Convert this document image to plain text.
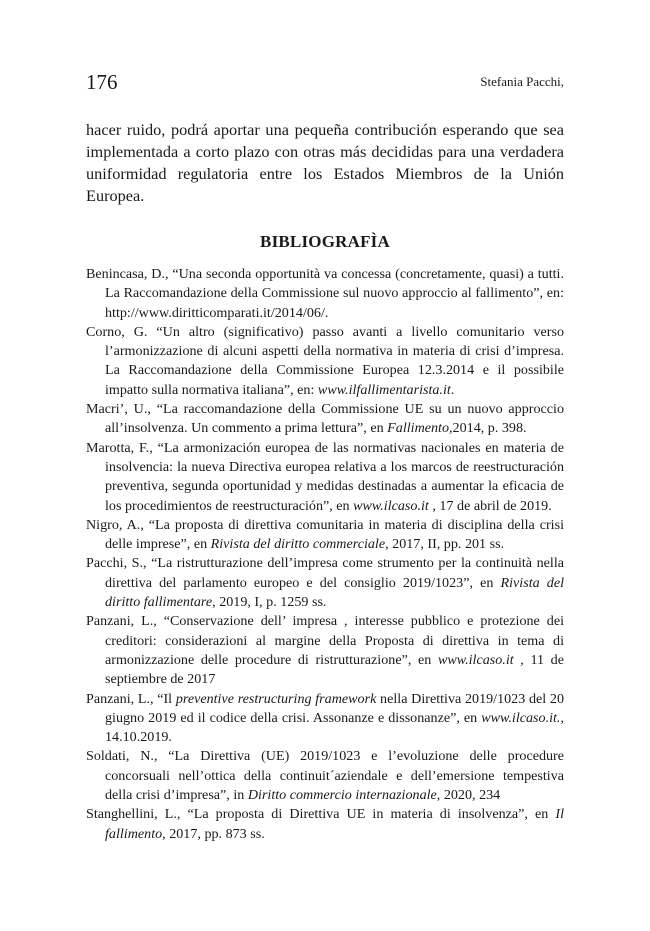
176	Stefania Pacchi,

hacer ruido, podrá aportar una pequeña contribución esperando que sea implementada a corto plazo con otras más decididas para una verdadera uniformidad regulatoria entre los Estados Miembros de la Unión Europea.

BIBLIOGRAFÌA
Benincasa, D., “Una seconda opportunità va concessa (concretamente, quasi) a tutti. La Raccomandazione della Commissione sul nuovo approccio al fallimento”, en: http://www.diritticomparati.it/2014/06/.
Corno, G. “Un altro (significativo) passo avanti a livello comunitario verso l’armonizzazione di alcuni aspetti della normativa in materia di crisi d’impresa. La Raccomandazione della Commissione Europea 12.3.2014 e il possibile impatto sulla normativa italiana”, en: www.ilfallimentarista.it.
Macri’, U., “La raccomandazione della Commissione UE su un nuovo approccio all’insolvenza. Un commento a prima lettura”, en Fallimento,2014, p. 398.
Marotta, F., “La armonización europea de las normativas nacionales en materia de insolvencia: la nueva Directiva europea relativa a los marcos de reestructuración preventiva, segunda oportunidad y medidas destinadas a aumentar la eficacia de los procedimientos de reestructuración”, en www.ilcaso.it , 17 de abril de 2019.
Nigro, A., “La proposta di direttiva comunitaria in materia di disciplina della crisi delle imprese”, en Rivista del diritto commerciale, 2017, II, pp. 201 ss.
Pacchi, S., “La ristrutturazione dell’impresa come strumento per la continuità nella direttiva del parlamento europeo e del consiglio 2019/1023”, en Rivista del diritto fallimentare, 2019, I, p. 1259 ss.
Panzani, L., “Conservazione dell’ impresa , interesse pubblico e protezione dei creditori: considerazioni al margine della Proposta di direttiva in tema di armonizzazione delle procedure di ristrutturazione”, en www.ilcaso.it , 11 de septiembre de 2017
Panzani, L., “Il preventive restructuring framework nella Direttiva 2019/1023 del 20 giugno 2019 ed il codice della crisi. Assonanze e dissonanze”, en www.ilcaso.it., 14.10.2019.
Soldati, N., “La Direttiva (UE) 2019/1023 e l’evoluzione delle procedure concorsuali nell’ottica della continuit´aziendale e dell’emersione tempestiva della crisi d’impresa”, in Diritto commercio internazionale, 2020, 234
Stanghellini, L., “La proposta di Direttiva UE in materia di insolvenza”, en Il fallimento, 2017, pp. 873 ss.
